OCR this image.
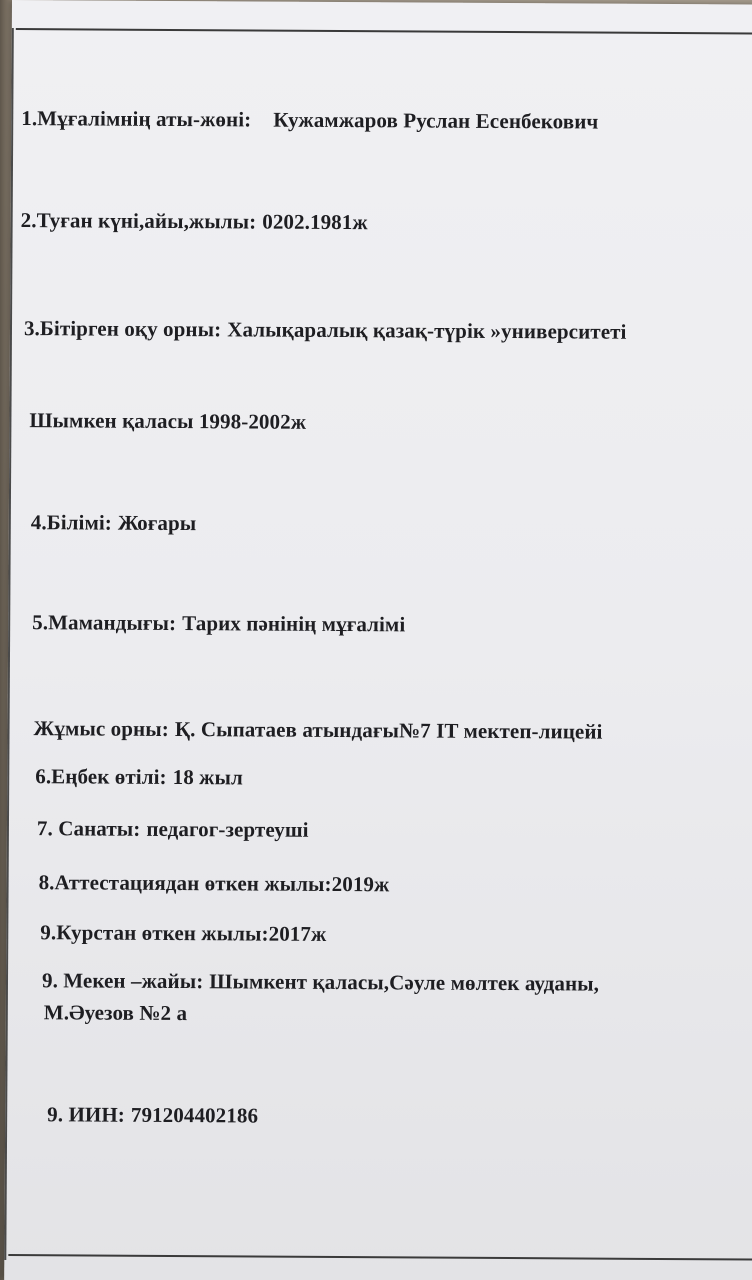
1.Мұғалімнің аты-жөні: Кужамжаров Руслан Есенбекович
2.Туған күні,айы,жылы: 0202.1981ж
3.Бітірген оқу орны: Халықаралық қазақ-түрік »университеті
Шымкен қаласы 1998-2002ж
4.Білімі: Жоғары
5.Мамандығы: Тарих пәнінің мұғалімі
Жұмыс орны: Қ. Сыпатаев атындағы№7 IT мектеп-лицейі
6.Еңбек өтілі: 18 жыл
7. Санаты: педагог-зертеуші
8.Аттестациядан өткен жылы:2019ж
9.Курстан өткен жылы:2017ж
9. Мекен –жайы: Шымкент қаласы,Сәуле мөлтек ауданы,
М.Әуезов №2 а
9. ИИН: 791204402186
